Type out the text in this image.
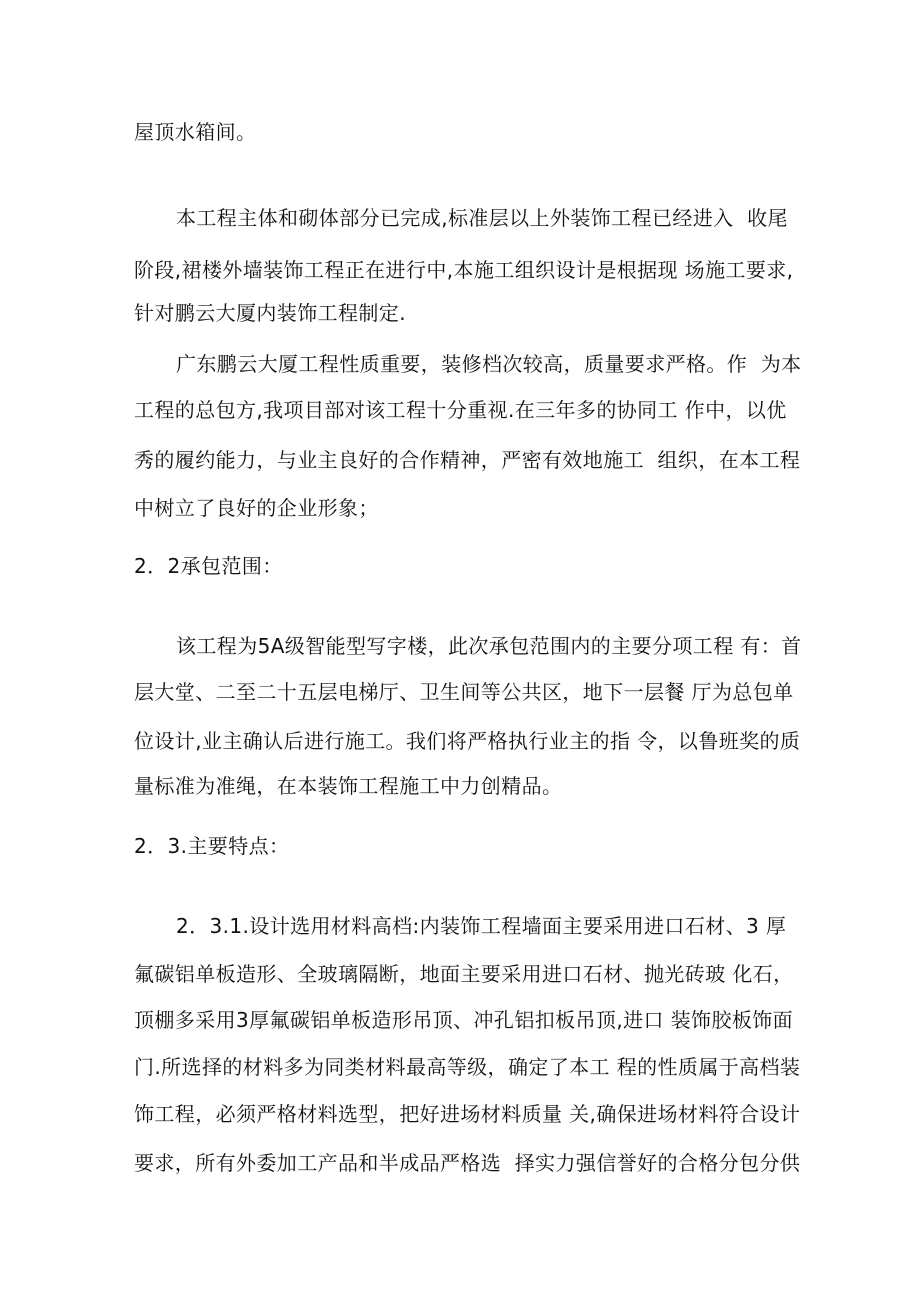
屋顶水箱间。
本工程主体和砌体部分已完成,标准层以上外装饰工程已经进入  收尾
阶段,裙楼外墙装饰工程正在进行中,本施工组织设计是根据现 场施工要求,
针对鹏云大厦内装饰工程制定.
广东鹏云大厦工程性质重要，装修档次较高，质量要求严格。作  为本
工程的总包方,我项目部对该工程十分重视.在三年多的协同工 作中，以优
秀的履约能力，与业主良好的合作精神，严密有效地施工  组织，在本工程
中树立了良好的企业形象；
2．2承包范围：
该工程为5A级智能型写字楼，此次承包范围内的主要分项工程 有：首
层大堂、二至二十五层电梯厅、卫生间等公共区，地下一层餐 厅为总包单
位设计,业主确认后进行施工。我们将严格执行业主的指 令，以鲁班奖的质
量标准为准绳，在本装饰工程施工中力创精品。
2．3.主要特点：
2．3.1.设计选用材料高档:内装饰工程墙面主要采用进口石材、3 厚
氟碳铝单板造形、全玻璃隔断，地面主要采用进口石材、抛光砖玻 化石，
顶棚多采用3厚氟碳铝单板造形吊顶、冲孔铝扣板吊顶,进口 装饰胶板饰面
门.所选择的材料多为同类材料最高等级，确定了本工 程的性质属于高档装
饰工程，必须严格材料选型，把好进场材料质量 关,确保进场材料符合设计
要求，所有外委加工产品和半成品严格选  择实力强信誉好的合格分包分供
